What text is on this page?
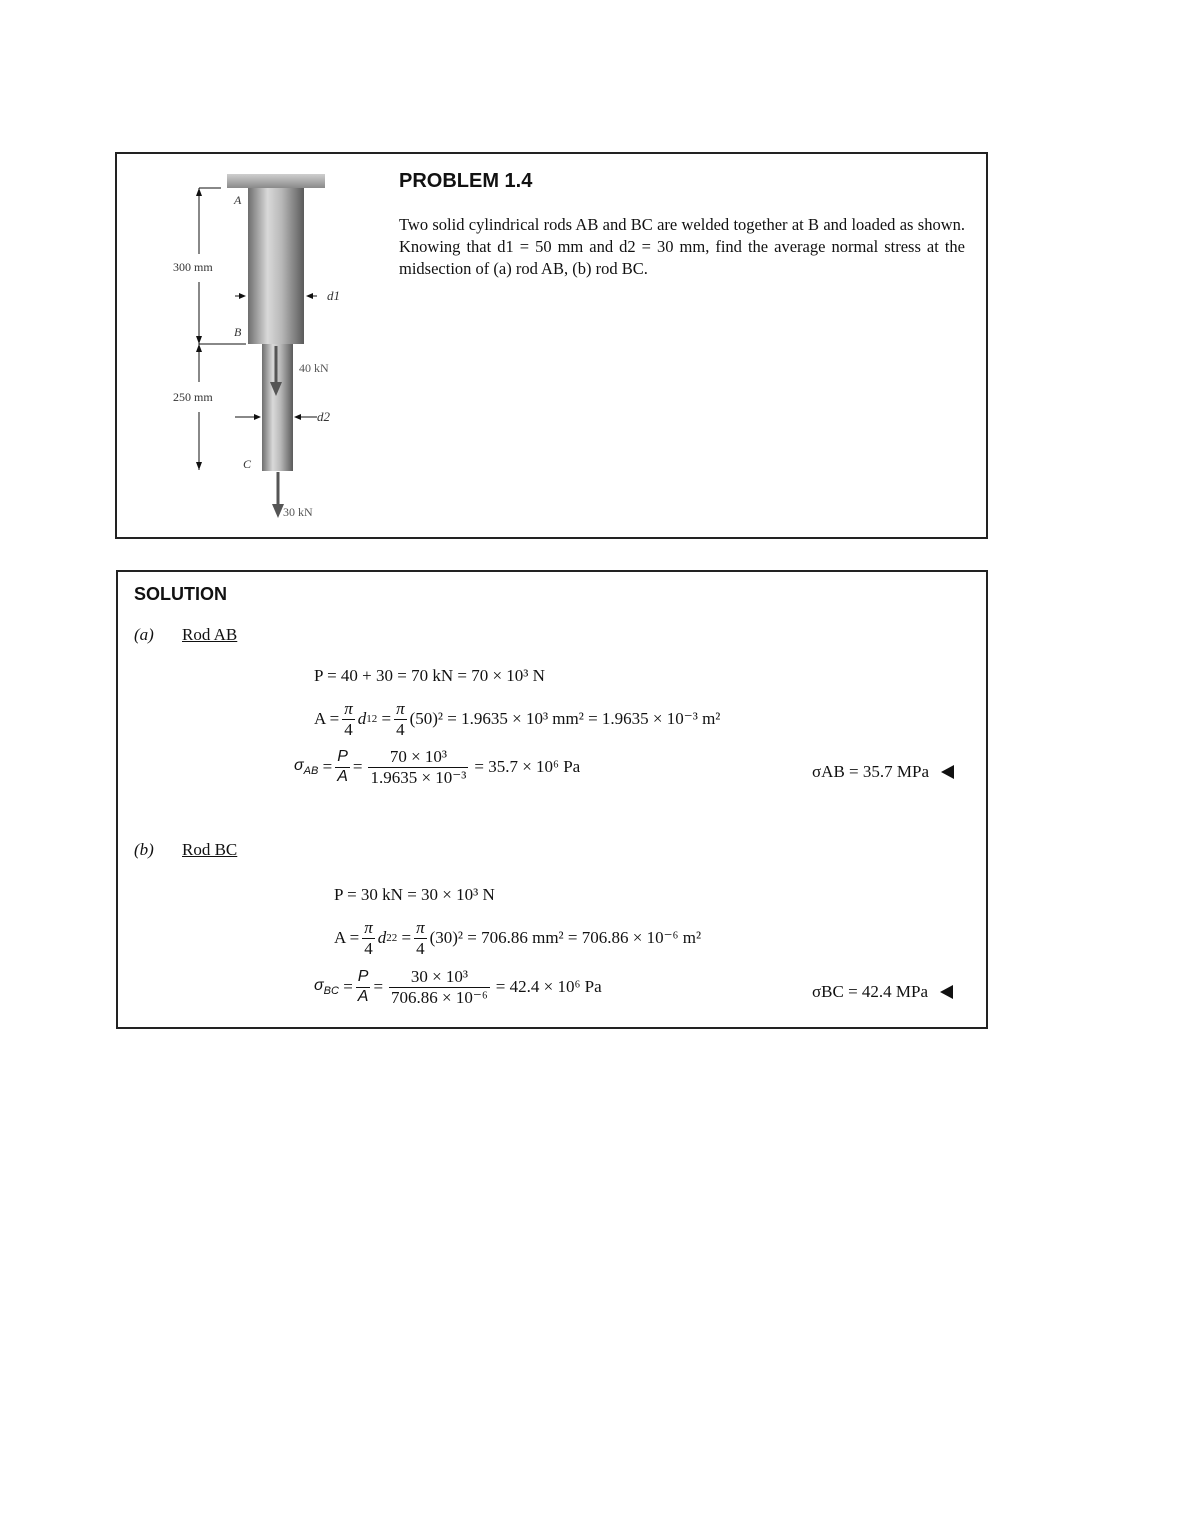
A
B
C
300 mm
250 mm
d1
d2
40 kN
30 kN
PROBLEM 1.4
Two solid cylindrical rods AB and BC are welded together at B and loaded as shown. Knowing that d1 = 50 mm and d2 = 30 mm, find the average normal stress at the midsection of (a) rod AB, (b) rod BC.
SOLUTION
(a) Rod AB
P = 40 + 30 = 70 kN = 70 × 10³ N
$A = \frac{\pi}{4}$ d 1 $2 = \frac{\pi}{4} (50)^2 = 1.9635 \times 10^3$ mm² = 1.9635 × 10⁻³ m²
$\sigma_{AB} = \frac{P}{A} = \frac{\text{70 × 10³}}{\text{1.9635 × 10⁻³}} = 35.7 \times 10^6$ Pa	σAB = 35.7 MPa
(b) Rod BC
P = 30 kN = 30 × 10³ N
$A = \frac{\pi}{4}$ d 2 $2 = \frac{\pi}{4} (30)^2 = 706.86$ mm² = 706.86 × 10⁻⁶ m²
$\sigma_{BC} = \frac{P}{A} = \frac{\text{30 × 10³}}{\text{706.86 × 10⁻⁶}} = 42.4 \times 10^6$ Pa	σBC = 42.4 MPa
